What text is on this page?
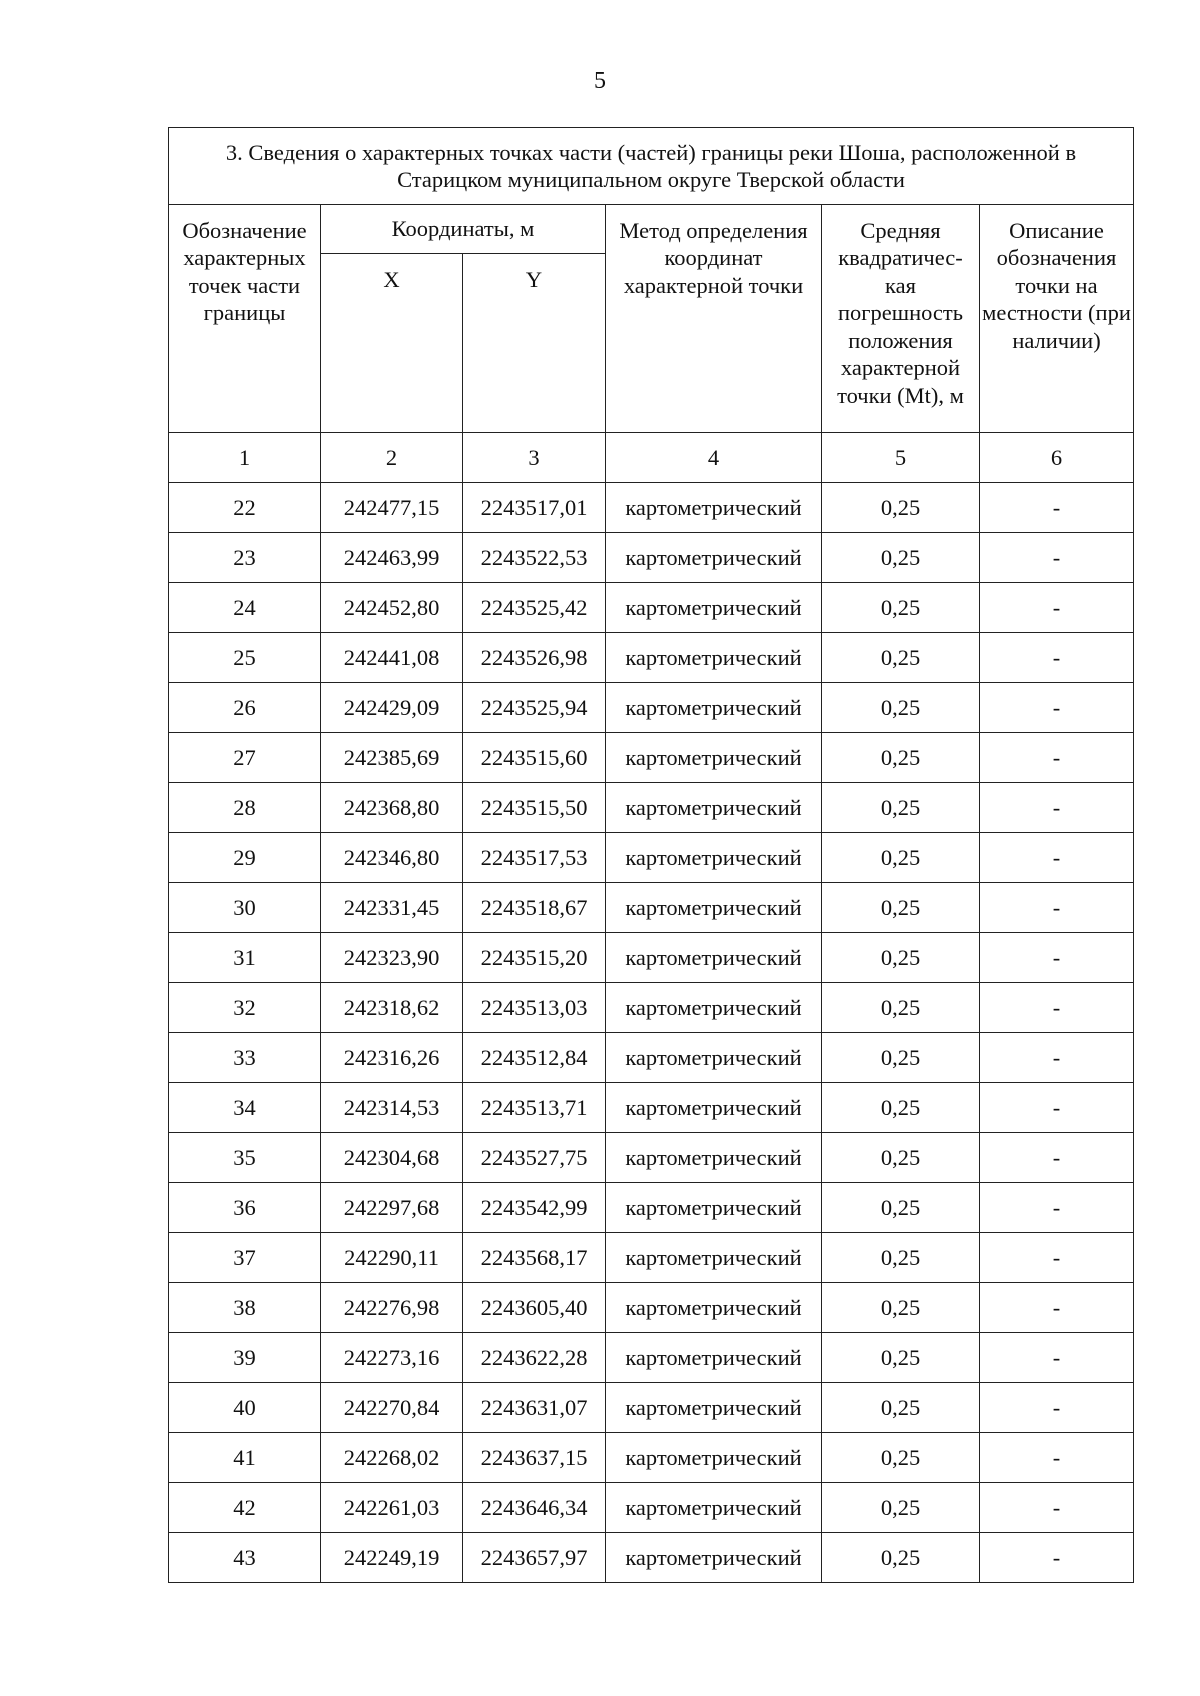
5
3. Сведения о характерных точках части (частей) границы реки Шоша, расположенной в Старицком муниципальном округе Тверской области					
Обозначение характерных точек части границы	Координаты, м		Метод определения координат характерной точки	Средняя квадратичес-кая погрешность положения характерной точки (Mt), м	Описание обозначения точки на местности (при наличии)
	X	Y			
1	2	3	4	5	6
22	242477,15	2243517,01	картометрический	0,25	-
23	242463,99	2243522,53	картометрический	0,25	-
24	242452,80	2243525,42	картометрический	0,25	-
25	242441,08	2243526,98	картометрический	0,25	-
26	242429,09	2243525,94	картометрический	0,25	-
27	242385,69	2243515,60	картометрический	0,25	-
28	242368,80	2243515,50	картометрический	0,25	-
29	242346,80	2243517,53	картометрический	0,25	-
30	242331,45	2243518,67	картометрический	0,25	-
31	242323,90	2243515,20	картометрический	0,25	-
32	242318,62	2243513,03	картометрический	0,25	-
33	242316,26	2243512,84	картометрический	0,25	-
34	242314,53	2243513,71	картометрический	0,25	-
35	242304,68	2243527,75	картометрический	0,25	-
36	242297,68	2243542,99	картометрический	0,25	-
37	242290,11	2243568,17	картометрический	0,25	-
38	242276,98	2243605,40	картометрический	0,25	-
39	242273,16	2243622,28	картометрический	0,25	-
40	242270,84	2243631,07	картометрический	0,25	-
41	242268,02	2243637,15	картометрический	0,25	-
42	242261,03	2243646,34	картометрический	0,25	-
43	242249,19	2243657,97	картометрический	0,25	-
